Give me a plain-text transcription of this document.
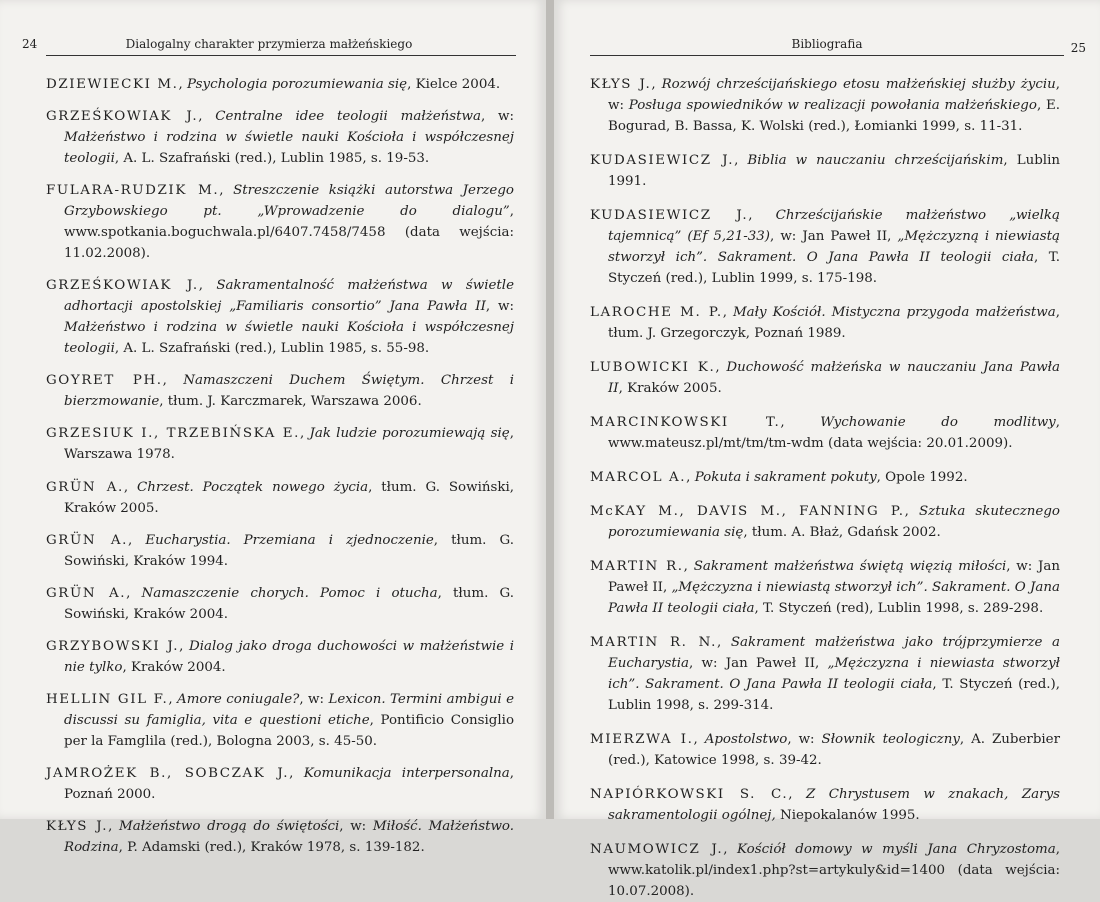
24	Dialogalny charakter przymierza małżeńskiego

DZIEWIECKI M., Psychologia porozumiewania się, Kielce 2004.

GRZEŚKOWIAK J., Centralne idee teologii małżeństwa, w: Małżeństwo i rodzina w świetle nauki Kościoła i współczesnej teologii, A. L. Szafrański (red.), Lublin 1985, s. 19-53.

FULARA-RUDZIK M., Streszczenie książki autorstwa Jerzego Grzybowskiego pt. „Wprowadzenie do dialogu”, www.spotkania.boguchwala.pl/6407.7458/7458 (data wejścia: 11.02.2008).

GRZEŚKOWIAK J., Sakramentalność małżeństwa w świetle adhortacji apostolskiej „Familiaris consortio” Jana Pawła II, w: Małżeństwo i rodzina w świetle nauki Kościoła i współczesnej teologii, A. L. Szafrański (red.), Lublin 1985, s. 55-98.

GOYRET PH., Namaszczeni Duchem Świętym. Chrzest i bierzmowanie, tłum. J. Karczmarek, Warszawa 2006.

GRZESIUK I., TRZEBIŃSKA E., Jak ludzie porozumiewają się, Warszawa 1978.

GRÜN A., Chrzest. Początek nowego życia, tłum. G. Sowiński, Kraków 2005.

GRÜN A., Eucharystia. Przemiana i zjednoczenie, tłum. G. Sowiński, Kraków 1994.

GRÜN A., Namaszczenie chorych. Pomoc i otucha, tłum. G. Sowiński, Kraków 2004.

GRZYBOWSKI J., Dialog jako droga duchowości w małżeństwie i nie tylko, Kraków 2004.

HELLIN GIL F., Amore coniugale?, w: Lexicon. Termini ambigui e discussi su famiglia, vita e questioni etiche, Pontificio Consiglio per la Famglila (red.), Bologna 2003, s. 45-50.

JAMROŻEK B., SOBCZAK J., Komunikacja interpersonalna, Poznań 2000.

KŁYS J., Małżeństwo drogą do świętości, w: Miłość. Małżeństwo. Rodzina, P. Adamski (red.), Kraków 1978, s. 139-182.

Bibliografia	25

KŁYS J., Rozwój chrześcijańskiego etosu małżeńskiej służby życiu, w: Posługa spowiedników w realizacji powołania małżeńskiego, E. Bogurad, B. Bassa, K. Wolski (red.), Łomianki 1999, s. 11-31.

KUDASIEWICZ J., Biblia w nauczaniu chrześcijańskim, Lublin 1991.

KUDASIEWICZ J., Chrześcijańskie małżeństwo „wielką tajemnicą” (Ef 5,21-33), w: Jan Paweł II, „Mężczyzną i niewiastą stworzył ich”. Sakrament. O Jana Pawła II teologii ciała, T. Styczeń (red.), Lublin 1999, s. 175-198.

LAROCHE M. P., Mały Kościół. Mistyczna przygoda małżeństwa, tłum. J. Grzegorczyk, Poznań 1989.

LUBOWICKI K., Duchowość małżeńska w nauczaniu Jana Pawła II, Kraków 2005.

MARCINKOWSKI T., Wychowanie do modlitwy, www.mateusz.pl/mt/tm/tm-wdm (data wejścia: 20.01.2009).

MARCOL A., Pokuta i sakrament pokuty, Opole 1992.

McKAY M., DAVIS M., FANNING P., Sztuka skutecznego porozumiewania się, tłum. A. Błaż, Gdańsk 2002.

MARTIN R., Sakrament małżeństwa świętą więzią miłości, w: Jan Paweł II, „Mężczyzna i niewiastą stworzył ich”. Sakrament. O Jana Pawła II teologii ciała, T. Styczeń (red), Lublin 1998, s. 289-298.

MARTIN R. N., Sakrament małżeństwa jako trójprzymierze a Eucharystia, w: Jan Paweł II, „Mężczyzna i niewiasta stworzył ich”. Sakrament. O Jana Pawła II teologii ciała, T. Styczeń (red.), Lublin 1998, s. 299-314.

MIERZWA I., Apostolstwo, w: Słownik teologiczny, A. Zuberbier (red.), Katowice 1998, s. 39-42.

NAPIÓRKOWSKI S. C., Z Chrystusem w znakach, Zarys sakramentologii ogólnej, Niepokalanów 1995.

NAUMOWICZ J., Kościół domowy w myśli Jana Chryzostoma, www.katolik.pl/index1.php?st=artykuly&id=1400 (data wejścia: 10.07.2008).
